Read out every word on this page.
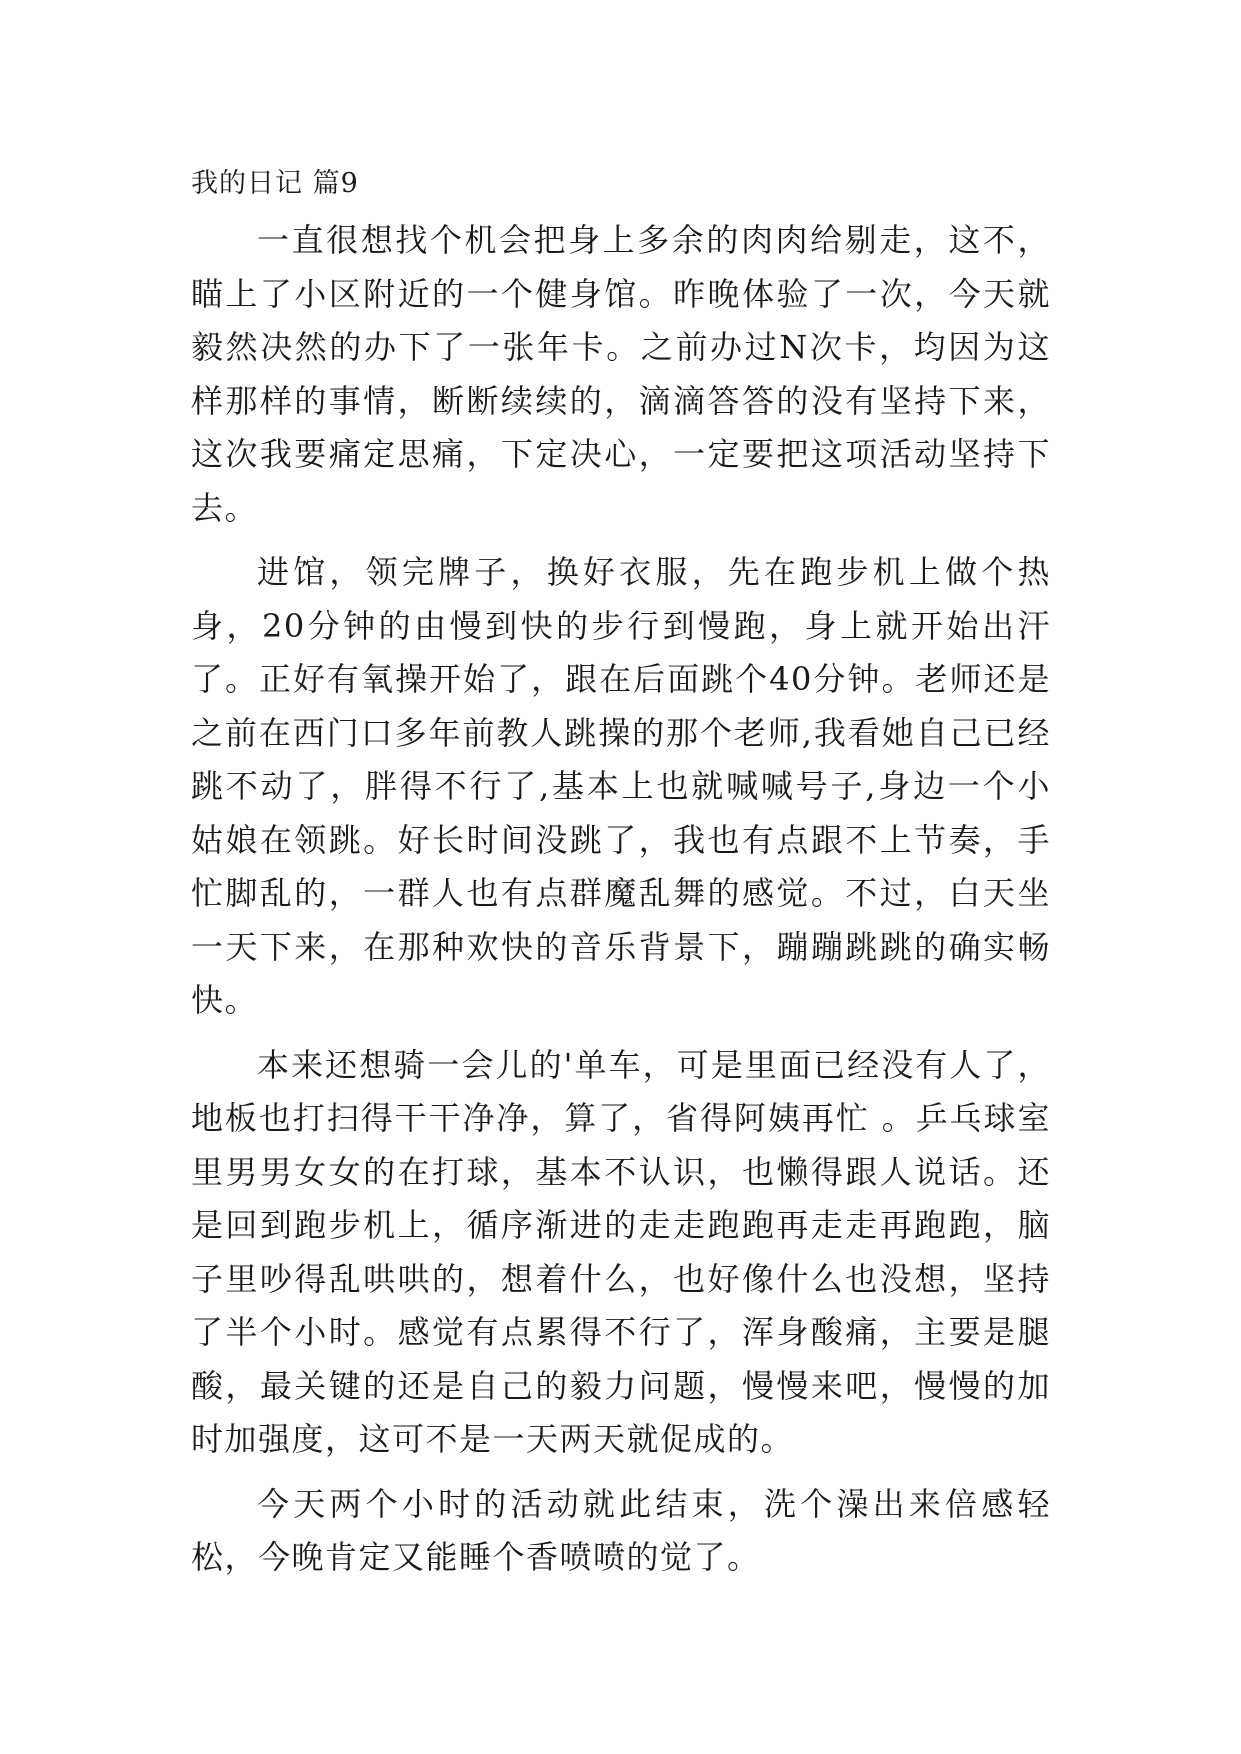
我的日记 篇9

一直很想找个机会把身上多余的肉肉给剔走，这不，瞄上了小区附近的一个健身馆。昨晚体验了一次，今天就毅然决然的办下了一张年卡。之前办过N次卡，均因为这样那样的事情，断断续续的，滴滴答答的没有坚持下来，这次我要痛定思痛，下定决心，一定要把这项活动坚持下去。

进馆，领完牌子，换好衣服，先在跑步机上做个热身，20分钟的由慢到快的步行到慢跑，身上就开始出汗了。正好有氧操开始了，跟在后面跳个40分钟。老师还是之前在西门口多年前教人跳操的那个老师,我看她自己已经跳不动了，胖得不行了,基本上也就喊喊号子,身边一个小姑娘在领跳。好长时间没跳了，我也有点跟不上节奏，手忙脚乱的，一群人也有点群魔乱舞的感觉。不过，白天坐一天下来，在那种欢快的音乐背景下，蹦蹦跳跳的确实畅快。

本来还想骑一会儿的'单车，可是里面已经没有人了，地板也打扫得干干净净，算了，省得阿姨再忙 。乒乓球室里男男女女的在打球，基本不认识，也懒得跟人说话。还是回到跑步机上，循序渐进的走走跑跑再走走再跑跑，脑子里吵得乱哄哄的，想着什么，也好像什么也没想，坚持了半个小时。感觉有点累得不行了，浑身酸痛，主要是腿酸，最关键的还是自己的毅力问题，慢慢来吧，慢慢的加时加强度，这可不是一天两天就促成的。

今天两个小时的活动就此结束，洗个澡出来倍感轻松，今晚肯定又能睡个香喷喷的觉了。
